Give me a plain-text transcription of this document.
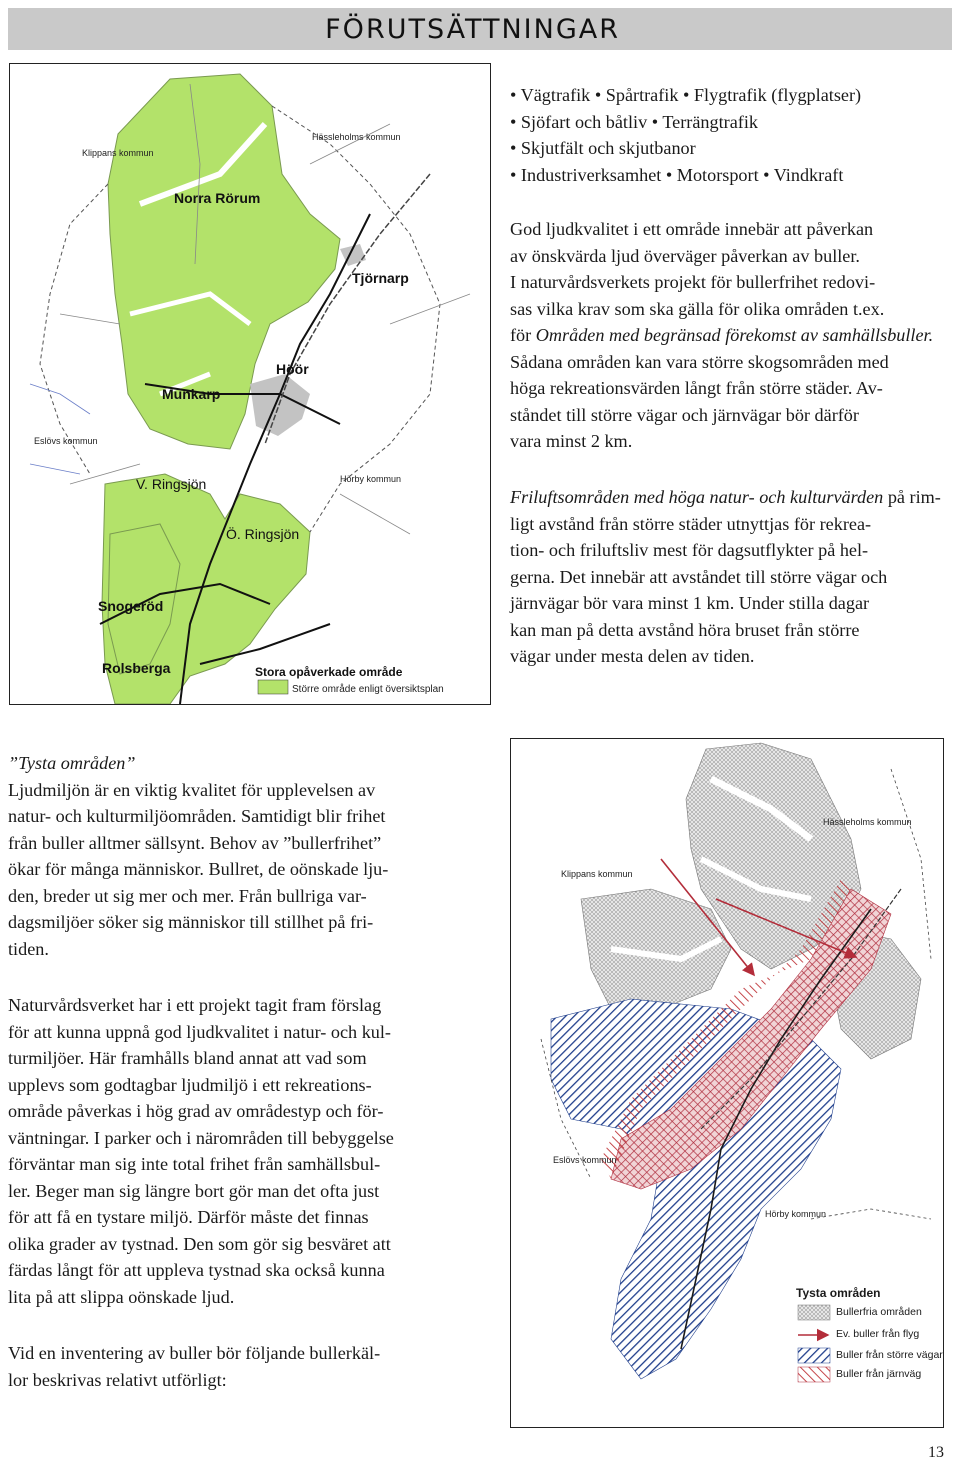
FÖRUTSÄTTNINGAR
Klippans kommun
Hässleholms kommun
Eslövs kommun
Hörby kommun
Norra Rörum
Tjörnarp
Höör
Munkarp
V. Ringsjön
Ö. Ringsjön
Snogeröd
Rolsberga	Stora opåverkade område
Större område enligt översiktsplan
• Vägtrafik • Spårtrafik • Flygtrafik (flygplatser)
• Sjöfart och båtliv • Terrängtrafik
• Skjutfält och skjutbanor
• Industriverksamhet • Motorsport • Vindkraft
God ljudkvalitet i ett område innebär att påverkan
av önskvärda ljud överväger påverkan av buller.
I naturvårdsverkets projekt för bullerfrihet redovi-
sas vilka krav som ska gälla för olika områden t.ex.
för Områden med begränsad förekomst av samhällsbuller.
Sådana områden kan vara större skogsområden med
höga rekreationsvärden långt från större städer. Av-
ståndet till större vägar och järnvägar bör därför
vara minst 2 km.
Friluftsområden med höga natur- och kulturvärden på rim-
ligt avstånd från större städer utnyttjas för rekrea-
tion- och friluftsliv mest för dagsutflykter på hel-
gerna. Det innebär att avståndet till större vägar och
järnvägar bör vara minst 1 km. Under stilla dagar
kan man på detta avstånd höra bruset från större
vägar under mesta delen av tiden.
”Tysta områden”
Ljudmiljön är en viktig kvalitet för upplevelsen av
natur- och kulturmiljöområden. Samtidigt blir frihet
från buller alltmer sällsynt. Behov av ”bullerfrihet”
ökar för många människor. Bullret, de oönskade lju-
den, breder ut sig mer och mer. Från bullriga var-
dagsmiljöer söker sig människor till stillhet på fri-
tiden.
Naturvårdsverket har i ett projekt tagit fram förslag
för att kunna uppnå god ljudkvalitet i natur- och kul-
turmiljöer. Här framhålls bland annat att vad som
upplevs som godtagbar ljudmiljö i ett rekreations-
område påverkas i hög grad av områdestyp och för-
väntningar. I parker och i närområden till bebyggelse
förväntar man sig inte total frihet från samhällsbul-
ler. Beger man sig längre bort gör man det ofta just
för att få en tystare miljö. Därför måste det finnas
olika grader av tystnad. Den som gör sig besväret att
färdas långt för att uppleva tystnad ska också kunna
lita på att slippa oönskade ljud.
Vid en inventering av buller bör följande bullerkäl-
lor beskrivas relativt utförligt:
Klippans kommun
Hässleholms kommun
Eslövs kommun
Hörby kommun
Tysta områden
Bullerfria områden
Ev. buller från flyg
Buller från större vägar
Buller från järnväg
13
